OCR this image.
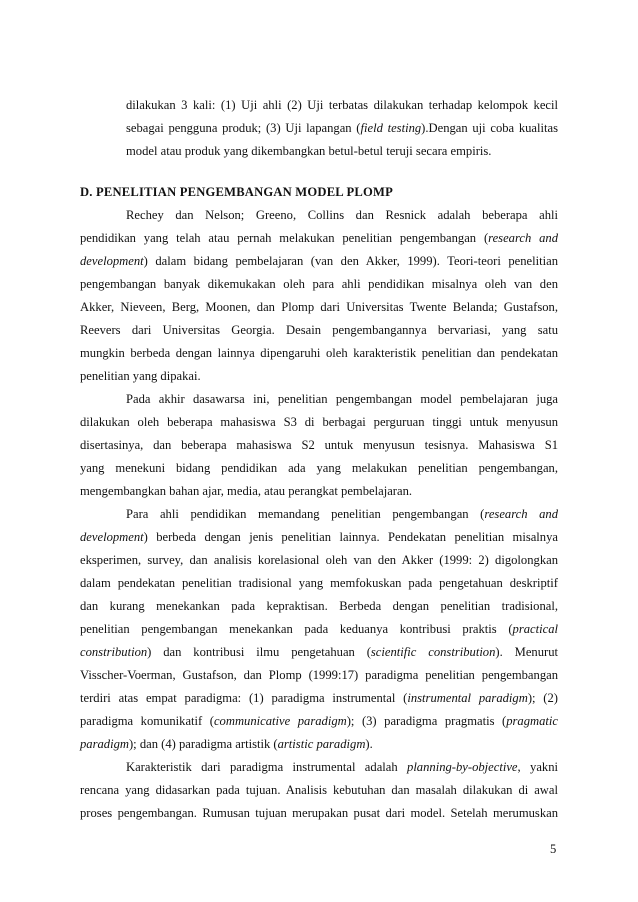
dilakukan 3 kali: (1) Uji ahli (2) Uji terbatas dilakukan terhadap kelompok kecil
sebagai pengguna produk; (3) Uji lapangan (field testing).Dengan uji coba kualitas
model atau produk yang dikembangkan betul-betul teruji secara empiris.
D. PENELITIAN PENGEMBANGAN MODEL PLOMP
Rechey dan Nelson; Greeno, Collins dan Resnick adalah beberapa ahli
pendidikan yang telah atau pernah melakukan penelitian pengembangan (research and
development) dalam bidang pembelajaran (van den Akker, 1999). Teori-teori penelitian
pengembangan banyak dikemukakan oleh para ahli pendidikan misalnya oleh van den
Akker, Nieveen, Berg, Moonen, dan Plomp dari Universitas Twente Belanda; Gustafson,
Reevers dari Universitas Georgia. Desain pengembangannya bervariasi, yang satu
mungkin berbeda dengan lainnya dipengaruhi oleh karakteristik penelitian dan pendekatan
penelitian yang dipakai.
Pada akhir dasawarsa ini, penelitian pengembangan model pembelajaran juga
dilakukan oleh beberapa mahasiswa S3 di berbagai perguruan tinggi untuk menyusun
disertasinya, dan beberapa mahasiswa S2 untuk menyusun tesisnya. Mahasiswa S1
yang menekuni bidang pendidikan ada yang melakukan penelitian pengembangan,
mengembangkan bahan ajar, media, atau perangkat pembelajaran.
Para ahli pendidikan memandang penelitian pengembangan (research and
development) berbeda dengan jenis penelitian lainnya. Pendekatan penelitian misalnya
eksperimen, survey, dan analisis korelasional oleh van den Akker (1999: 2) digolongkan
dalam pendekatan penelitian tradisional yang memfokuskan pada pengetahuan deskriptif
dan kurang menekankan pada kepraktisan. Berbeda dengan penelitian tradisional,
penelitian pengembangan menekankan pada keduanya kontribusi praktis (practical
constribution) dan kontribusi ilmu pengetahuan (scientific constribution). Menurut
Visscher-Voerman, Gustafson, dan Plomp (1999:17) paradigma penelitian pengembangan
terdiri atas empat paradigma: (1) paradigma instrumental (instrumental paradigm); (2)
paradigma komunikatif (communicative paradigm); (3) paradigma pragmatis (pragmatic
paradigm); dan (4) paradigma artistik (artistic paradigm).
Karakteristik dari paradigma instrumental adalah planning-by-objective, yakni
rencana yang didasarkan pada tujuan. Analisis kebutuhan dan masalah dilakukan di awal
proses pengembangan. Rumusan tujuan merupakan pusat dari model. Setelah merumuskan
5
